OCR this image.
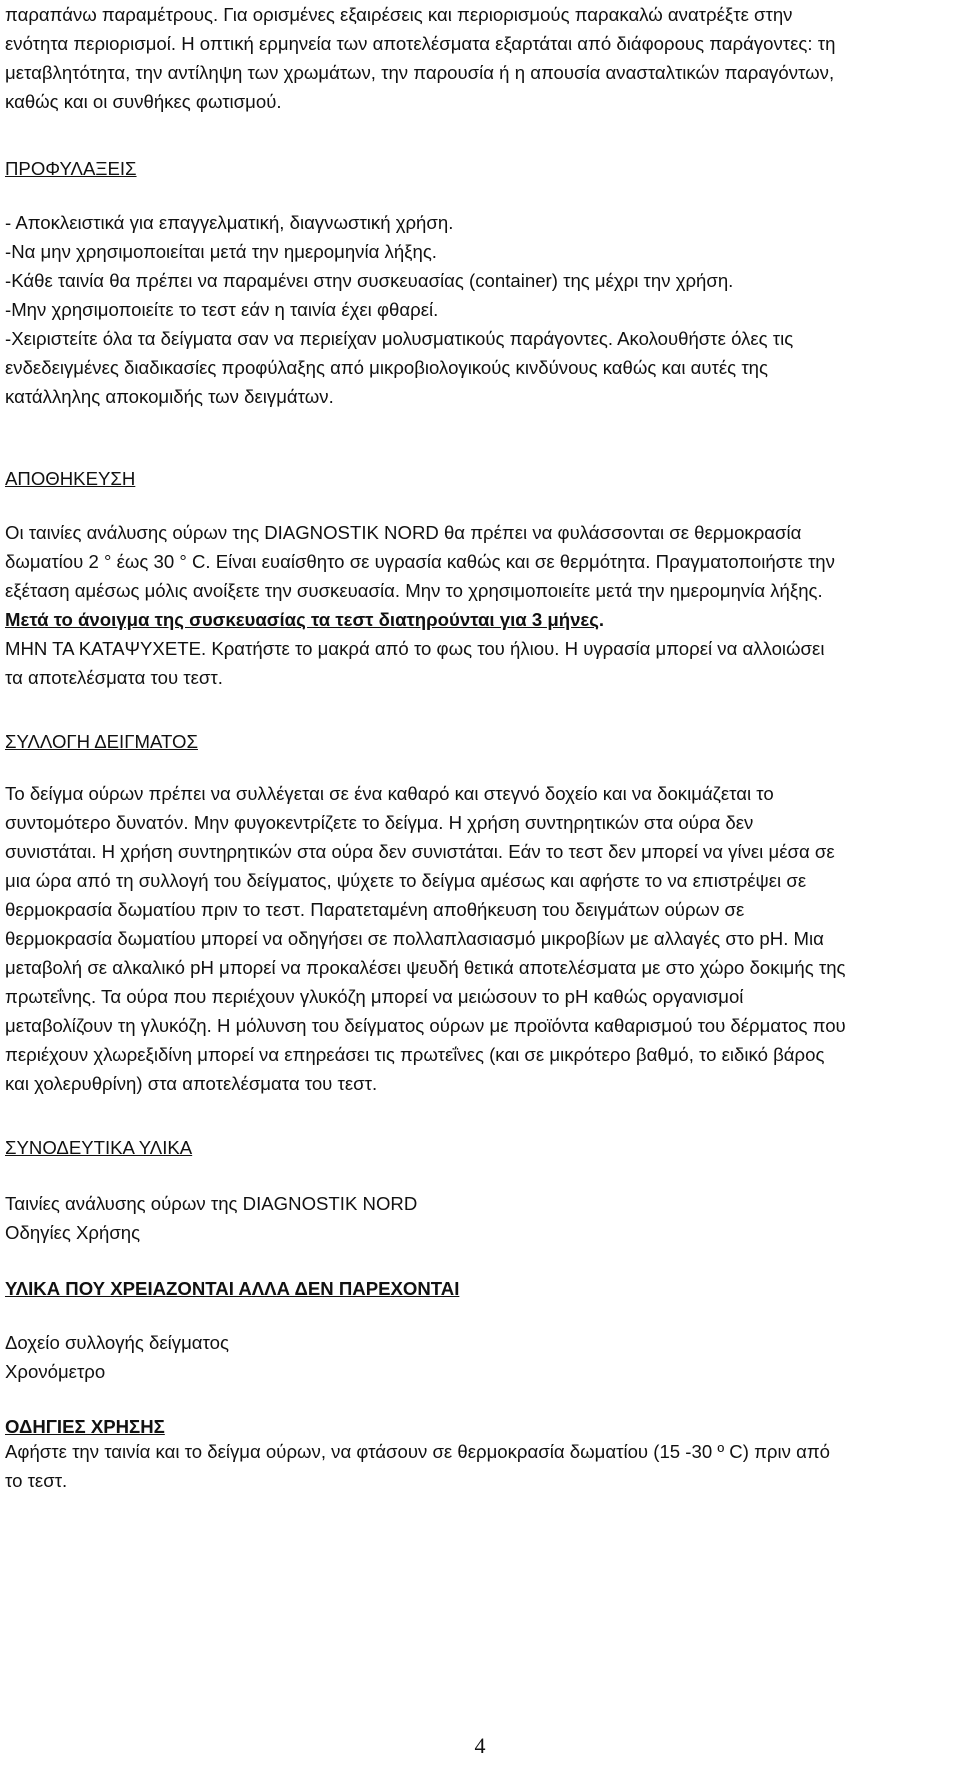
παραπάνω παραμέτρους. Για ορισμένες εξαιρέσεις και περιορισμούς παρακαλώ ανατρέξτε στην
ενότητα περιορισμοί. Η οπτική ερμηνεία των αποτελέσματα εξαρτάται από διάφορους παράγοντες: τη
μεταβλητότητα, την αντίληψη των χρωμάτων, την παρουσία ή η απουσία ανασταλτικών παραγόντων,
καθώς και οι συνθήκες φωτισμού.
ΠΡΟΦΥΛΑΞΕΙΣ
- Αποκλειστικά για επαγγελματική, διαγνωστική χρήση.
-Να μην χρησιμοποιείται μετά την ημερομηνία λήξης.
-Κάθε ταινία θα πρέπει να παραμένει στην συσκευασίας (container) της μέχρι την χρήση.
-Μην χρησιμοποιείτε το τεστ εάν η ταινία έχει φθαρεί.
-Χειριστείτε όλα τα δείγματα σαν να περιείχαν μολυσματικούς παράγοντες. Ακολουθήστε όλες τις
ενδεδειγμένες διαδικασίες προφύλαξης από μικροβιολογικούς κινδύνους καθώς και αυτές της
κατάλληλης αποκομιδής των δειγμάτων.
ΑΠΟΘΗΚΕΥΣΗ
Οι ταινίες ανάλυσης ούρων της DIAGNOSTIK NORD θα πρέπει να φυλάσσονται σε θερμοκρασία
δωματίου 2 ° έως 30 ° C. Είναι ευαίσθητο σε υγρασία καθώς και σε θερμότητα. Πραγματοποιήστε την
εξέταση αμέσως μόλις ανοίξετε την συσκευασία. Μην το χρησιμοποιείτε μετά την ημερομηνία λήξης.
Μετά το άνοιγμα της συσκευασίας τα τεστ διατηρούνται για 3 μήνες.
ΜΗΝ ΤΑ ΚΑΤΑΨΥΧΕΤΕ. Κρατήστε το μακρά από το φως του ήλιου. Η υγρασία μπορεί να αλλοιώσει
τα αποτελέσματα του τεστ.
ΣΥΛΛΟΓΗ ΔΕΙΓΜΑΤΟΣ
Το δείγμα ούρων πρέπει να συλλέγεται σε ένα καθαρό και στεγνό δοχείο και να δοκιμάζεται το
συντομότερο δυνατόν. Μην φυγοκεντρίζετε το δείγμα. Η χρήση συντηρητικών στα ούρα δεν
συνιστάται. Η χρήση συντηρητικών στα ούρα δεν συνιστάται. Εάν το τεστ δεν μπορεί να γίνει μέσα σε
μια ώρα από τη συλλογή του δείγματος, ψύχετε το δείγμα αμέσως και αφήστε το να επιστρέψει σε
θερμοκρασία δωματίου πριν το τεστ. Παρατεταμένη αποθήκευση του δειγμάτων ούρων σε
θερμοκρασία δωματίου μπορεί να οδηγήσει σε πολλαπλασιασμό μικροβίων με αλλαγές στο pH. Μια
μεταβολή σε αλκαλικό pH μπορεί να προκαλέσει ψευδή θετικά αποτελέσματα με στο χώρο δοκιμής της
πρωτεΐνης. Τα ούρα που περιέχουν γλυκόζη μπορεί να μειώσουν το pH καθώς οργανισμοί
μεταβολίζουν τη γλυκόζη. Η μόλυνση του δείγματος ούρων με προϊόντα καθαρισμού του δέρματος που
περιέχουν χλωρεξιδίνη μπορεί να επηρεάσει τις πρωτεΐνες (και σε μικρότερο βαθμό, το ειδικό βάρος
και χολερυθρίνη) στα αποτελέσματα του τεστ.
ΣΥΝΟΔΕΥΤΙΚΑ ΥΛΙΚΑ
Ταινίες ανάλυσης ούρων της DIAGNOSTIK NORD
Οδηγίες Χρήσης
ΥΛΙΚΑ ΠΟΥ ΧΡΕΙΑΖΟΝΤΑΙ ΑΛΛΑ ΔΕΝ ΠΑΡΕΧΟΝΤΑΙ
Δοχείο συλλογής δείγματος
Χρονόμετρο
ΟΔΗΓΙΕΣ ΧΡΗΣΗΣ
Αφήστε την ταινία και το δείγμα ούρων, να φτάσουν σε θερμοκρασία δωματίου (15 -30 º C) πριν από
το τεστ.
4
